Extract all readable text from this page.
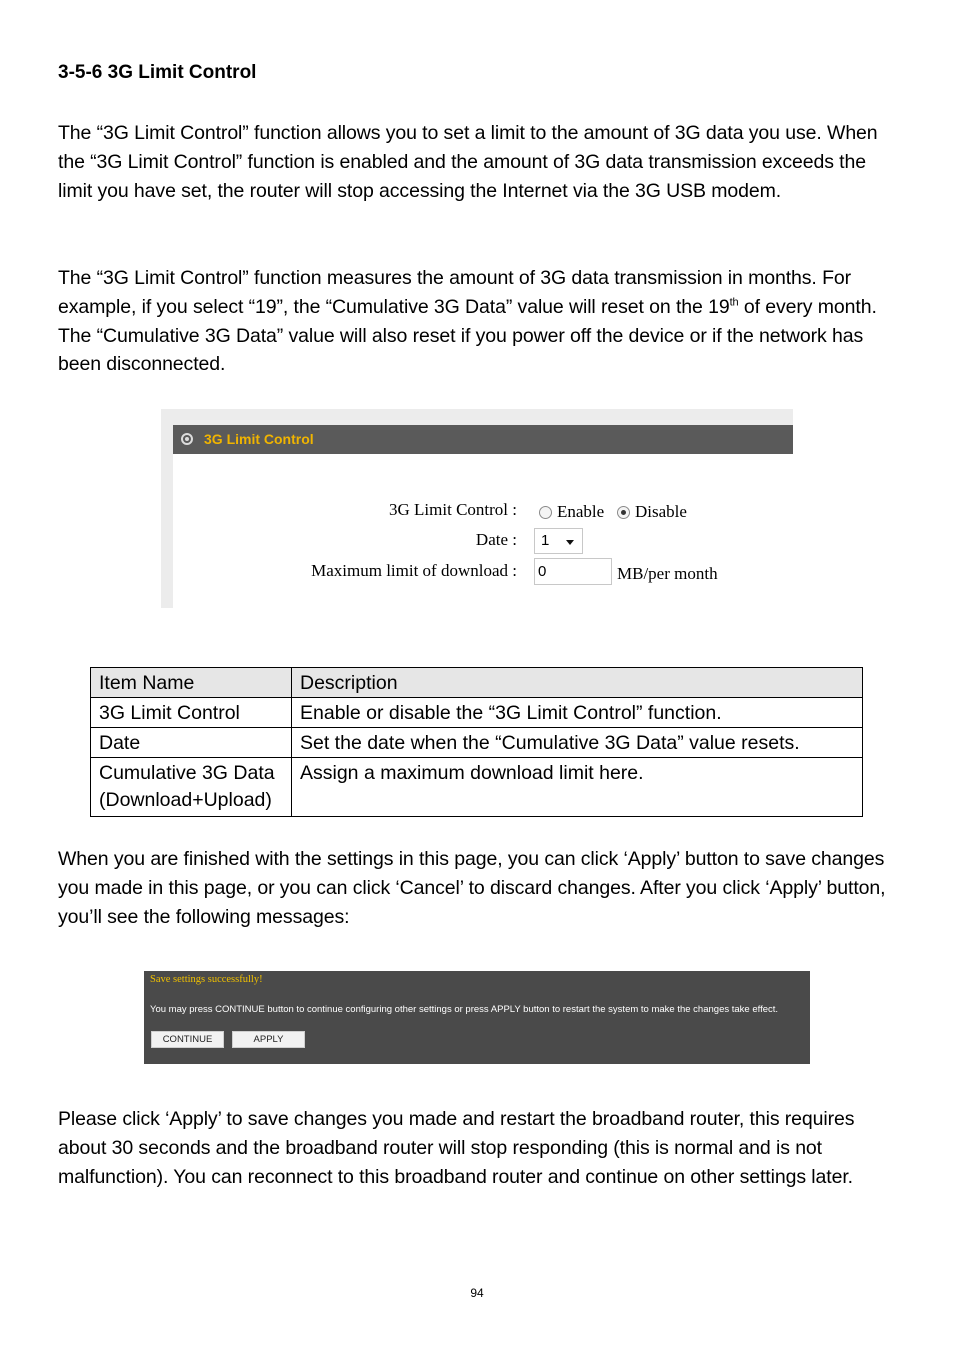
3-5-6 3G Limit Control
The “3G Limit Control” function allows you to set a limit to the amount of 3G data you use. When the “3G Limit Control” function is enabled and the amount of 3G data transmission exceeds the limit you have set, the router will stop accessing the Internet via the 3G USB modem.
The “3G Limit Control” function measures the amount of 3G data transmission in months. For example, if you select “19”, the “Cumulative 3G Data” value will reset on the 19th of every month. The “Cumulative 3G Data” value will also reset if you power off the device or if the network has been disconnected.
3G Limit Control
3G Limit Control : Enable Disable
Date : 1
Maximum limit of download : 0	MB/per month
Item Name	Description
3G Limit Control	Enable or disable the “3G Limit Control” function.
Date	Set the date when the “Cumulative 3G Data” value resets.
Cumulative 3G Data
(Download+Upload)	Assign a maximum download limit here.
When you are finished with the settings in this page, you can click ‘Apply’ button to save changes you made in this page, or you can click ‘Cancel’ to discard changes. After you click ‘Apply’ button, you’ll see the following messages:
Save settings successfully!
You may press CONTINUE button to continue configuring other settings or press APPLY button to restart the system to make the changes take effect.
CONTINUE	APPLY
Please click ‘Apply’ to save changes you made and restart the broadband router, this requires about 30 seconds and the broadband router will stop responding (this is normal and is not malfunction). You can reconnect to this broadband router and continue on other settings later.
94
